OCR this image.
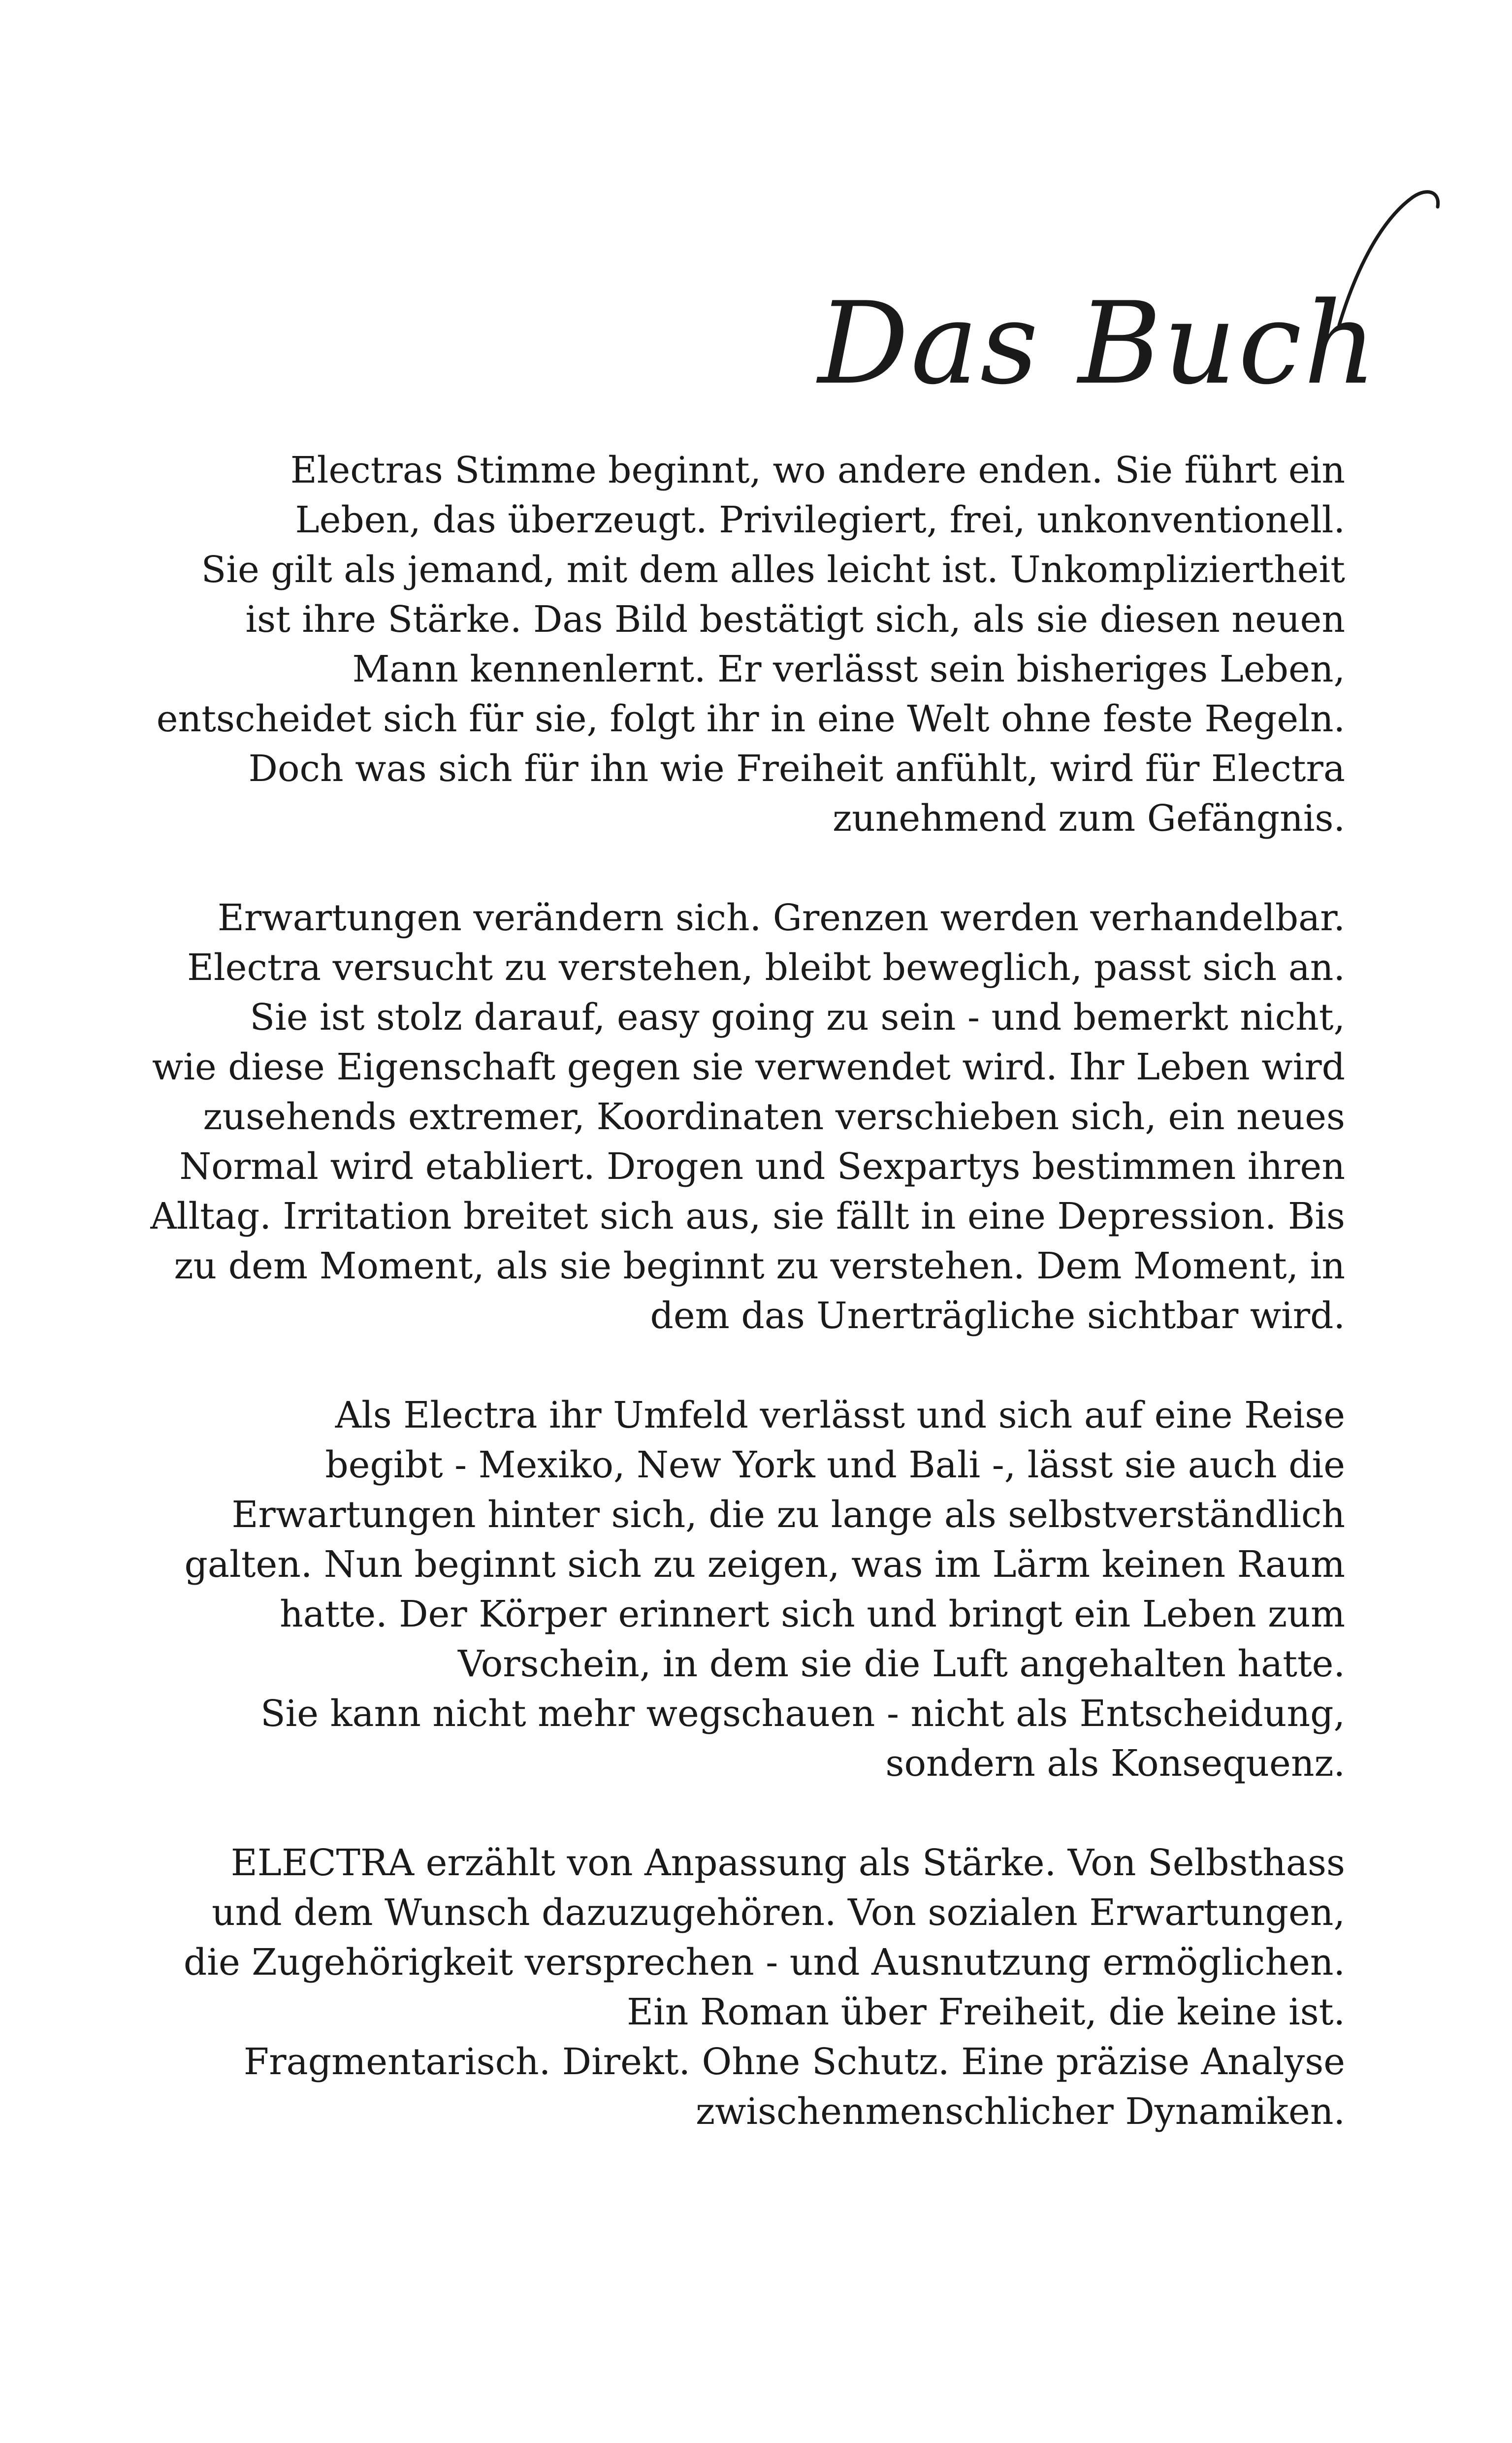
Das Buch

Electras Stimme beginnt, wo andere enden. Sie führt ein
Leben, das überzeugt. Privilegiert, frei, unkonventionell.
Sie gilt als jemand, mit dem alles leicht ist. Unkompliziertheit
ist ihre Stärke. Das Bild bestätigt sich, als sie diesen neuen
Mann kennenlernt. Er verlässt sein bisheriges Leben,
entscheidet sich für sie, folgt ihr in eine Welt ohne feste Regeln.
Doch was sich für ihn wie Freiheit anfühlt, wird für Electra
zunehmend zum Gefängnis.

Erwartungen verändern sich. Grenzen werden verhandelbar.
Electra versucht zu verstehen, bleibt beweglich, passt sich an.
Sie ist stolz darauf, easy going zu sein - und bemerkt nicht,
wie diese Eigenschaft gegen sie verwendet wird. Ihr Leben wird
zusehends extremer, Koordinaten verschieben sich, ein neues
Normal wird etabliert. Drogen und Sexpartys bestimmen ihren
Alltag. Irritation breitet sich aus, sie fällt in eine Depression. Bis
zu dem Moment, als sie beginnt zu verstehen. Dem Moment, in
dem das Unerträgliche sichtbar wird.

Als Electra ihr Umfeld verlässt und sich auf eine Reise
begibt - Mexiko, New York und Bali -, lässt sie auch die
Erwartungen hinter sich, die zu lange als selbstverständlich
galten. Nun beginnt sich zu zeigen, was im Lärm keinen Raum
hatte. Der Körper erinnert sich und bringt ein Leben zum
Vorschein, in dem sie die Luft angehalten hatte.
Sie kann nicht mehr wegschauen - nicht als Entscheidung,
sondern als Konsequenz.

ELECTRA erzählt von Anpassung als Stärke. Von Selbsthass
und dem Wunsch dazuzugehören. Von sozialen Erwartungen,
die Zugehörigkeit versprechen - und Ausnutzung ermöglichen.
Ein Roman über Freiheit, die keine ist.
Fragmentarisch. Direkt. Ohne Schutz. Eine präzise Analyse
zwischenmenschlicher Dynamiken.
